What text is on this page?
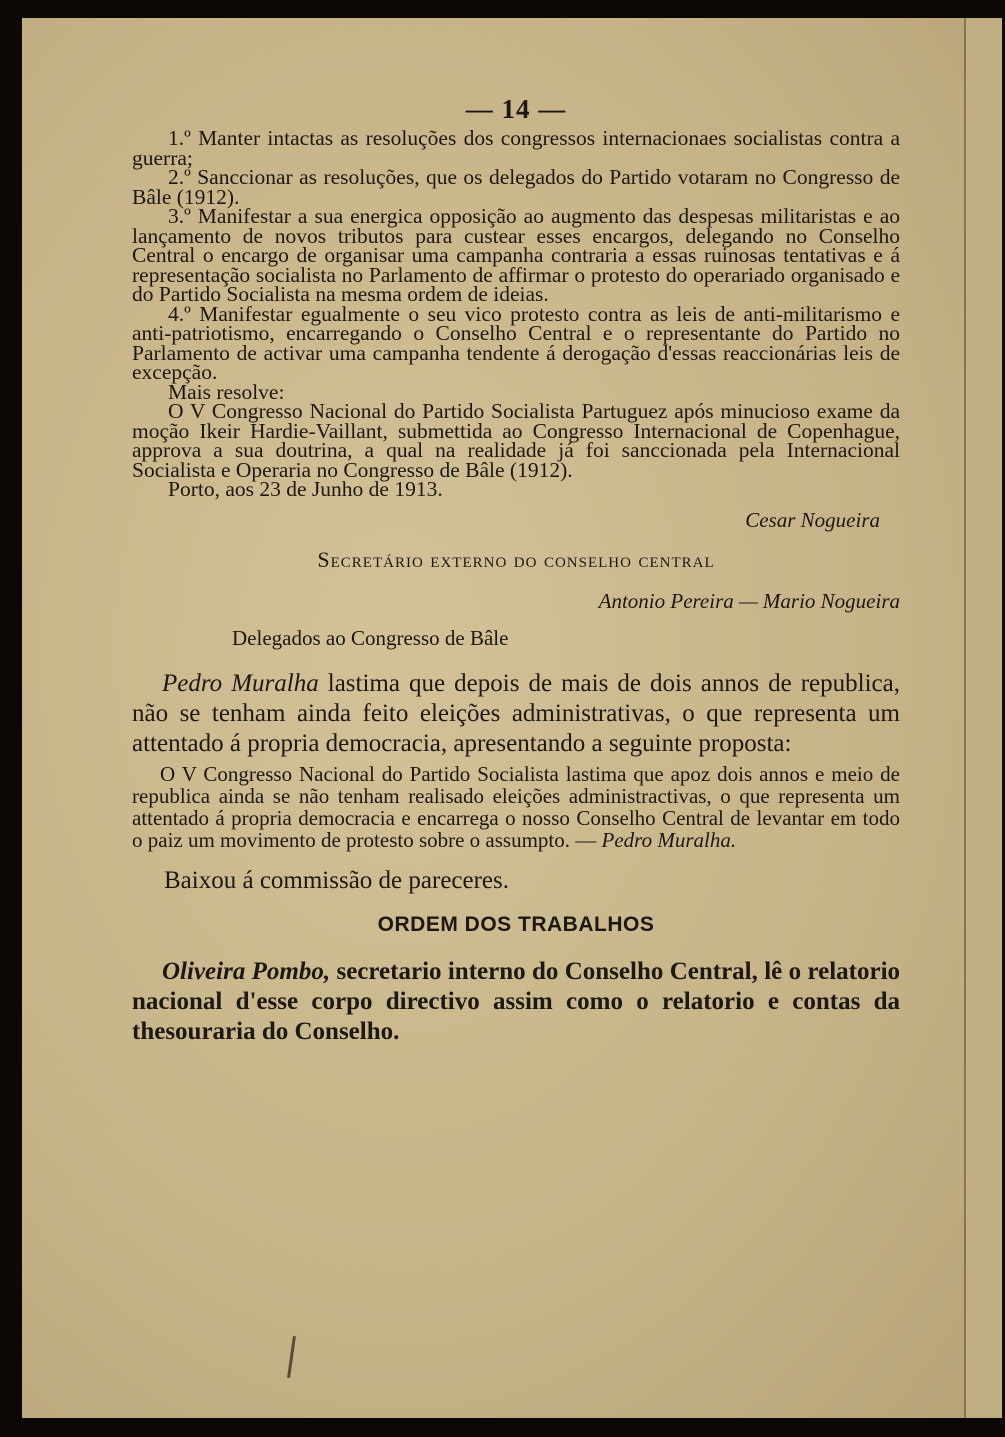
— 14 —

1.º Manter intactas as resoluções dos congressos internacionaes socialistas contra a guerra;

2.º Sanccionar as resoluções, que os delegados do Partido votaram no Congresso de Bâle (1912).

3.º Manifestar a sua energica opposição ao augmento das despesas militaristas e ao lançamento de novos tributos para custear esses encargos, delegando no Conselho Central o encargo de organisar uma campanha contraria a essas ruinosas tentativas e á representação socialista no Parlamento de affirmar o protesto do operariado organisado e do Partido Socialista na mesma ordem de ideias.

4.º Manifestar egualmente o seu vico protesto contra as leis de anti-militarismo e anti-patriotismo, encarregando o Conselho Central e o representante do Partido no Parlamento de activar uma campanha tendente á derogação d'essas reaccionárias leis de excepção.

Mais resolve:

O V Congresso Nacional do Partido Socialista Partuguez após minucioso exame da moção Ikeir Hardie-Vaillant, submettida ao Congresso Internacional de Copenhague, approva a sua doutrina, a qual na realidade já foi sanccionada pela Internacional Socialista e Operaria no Congresso de Bâle (1912).

Porto, aos 23 de Junho de 1913.

Cesar Nogueira

Secretário externo do conselho central

Antonio Pereira — Mario Nogueira

Delegados ao Congresso de Bâle

Pedro Muralha lastima que depois de mais de dois annos de republica, não se tenham ainda feito eleições administrativas, o que representa um attentado á propria democracia, apresentando a seguinte proposta:

O V Congresso Nacional do Partido Socialista lastima que apoz dois annos e meio de republica ainda se não tenham realisado eleições administractivas, o que representa um attentado á propria democracia e encarrega o nosso Conselho Central de levantar em todo o paiz um movimento de protesto sobre o assumpto. — Pedro Muralha.

Baixou á commissão de pareceres.

ORDEM DOS TRABALHOS

Oliveira Pombo, secretario interno do Conselho Central, lê o relatorio nacional d'esse corpo directivo assim como o relatorio e contas da thesouraria do Conselho.
